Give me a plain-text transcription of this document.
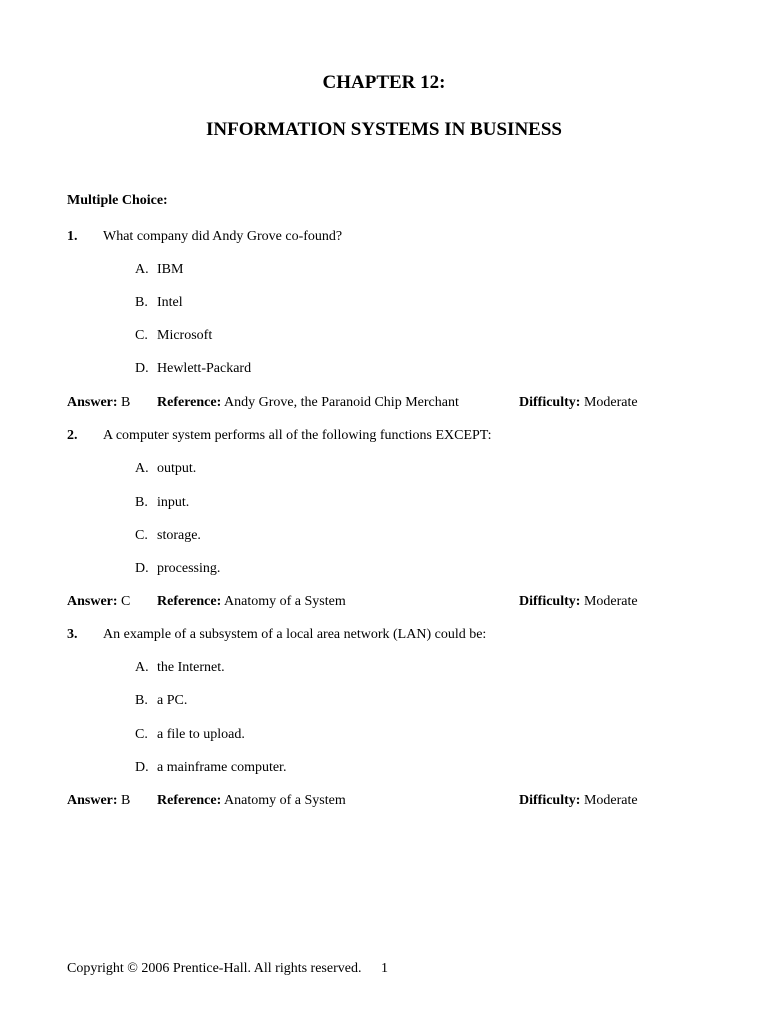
CHAPTER 12:
INFORMATION SYSTEMS IN BUSINESS
Multiple Choice:
1. What company did Andy Grove co-found?
A. IBM
B. Intel
C. Microsoft
D. Hewlett-Packard
Answer: B Reference: Andy Grove, the Paranoid Chip Merchant	Difficulty: Moderate
2. A computer system performs all of the following functions EXCEPT:
A. output.
B. input.
C. storage.
D. processing.
Answer: C Reference: Anatomy of a System	Difficulty: Moderate
3. An example of a subsystem of a local area network (LAN) could be:
A. the Internet.
B. a PC.
C. a file to upload.
D. a mainframe computer.
Answer: B Reference: Anatomy of a System	Difficulty: Moderate
Copyright © 2006 Prentice-Hall. All rights reserved. 1
